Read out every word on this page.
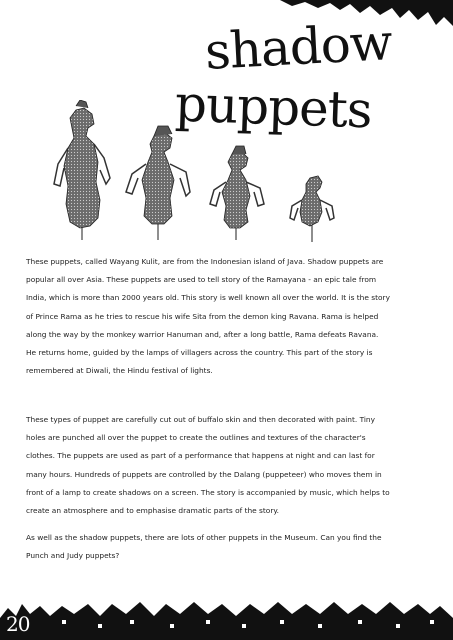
shadow
puppets
These puppets, called Wayang Kulit, are from the Indonesian island of Java. Shadow puppets are
popular all over Asia. These puppets are used to tell story of the Ramayana - an epic tale from
India, which is more than 2000 years old. This story is well known all over the world. It is the story
of Prince Rama as he tries to rescue his wife Sita from the demon king Ravana. Rama is helped
along the way by the monkey warrior Hanuman and, after a long battle, Rama defeats Ravana.
He returns home, guided by the lamps of villagers across the country. This part of the story is
remembered at Diwali, the Hindu festival of lights.
These types of puppet are carefully cut out of buffalo skin and then decorated with paint. Tiny
holes are punched all over the puppet to create the outlines and textures of the character's
clothes. The puppets are used as part of a performance that happens at night and can last for
many hours. Hundreds of puppets are controlled by the Dalang (puppeteer) who moves them in
front of a lamp to create shadows on a screen. The story is accompanied by music, which helps to
create an atmosphere and to emphasise dramatic parts of the story.
As well as the shadow puppets, there are lots of other puppets in the Museum. Can you find the
Punch and Judy puppets?
20
